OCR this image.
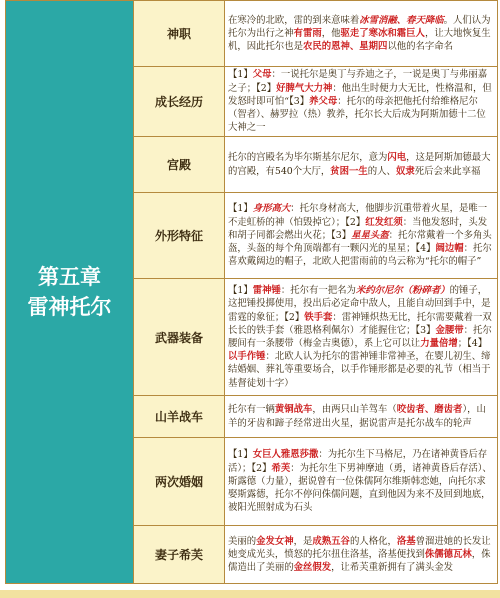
第五章
雷神托尔	神职	在寒冷的北欧，雷的到来意味着冰雪消融、春天降临。人们认为托尔为出行之神有雷雨，他驱走了寒冰和霜巨人，让大地恢复生机，因此托尔也是农民的恩神、星期四以他的名字命名
	成长经历	【1】父母：一说托尔是奥丁与乔迪之子，一说是奥丁与弗丽嘉之子；【2】好脾气大力神：他出生时便力大无比，性格温和，但发怒时即可怕“【3】养父母：托尔的母亲把他托付给维格尼尔（智者）、赫罗拉（热）教养，托尔长大后成为阿斯加德十二位大神之一
	宫殿	托尔的宫殿名为毕尔斯基尔尼尔，意为闪电，这是阿斯加德最大的宫殿，有540个大厅，贫困一生的人、奴隶死后会来此享福
	外形特征	【1】身形高大：托尔身材高大，他脚步沉重带着火星，是唯一不走虹桥的神（怕毁掉它）；【2】红发红须：当他发怒时，头发和胡子同都会燃出火花；【3】星星头盔：托尔常戴着一个多角头盔，头盔的每个角顶端都有一颗闪光的星星；【4】阔边帽：托尔喜欢戴阔边的帽子，北欧人把雷雨前的乌云称为“托尔的帽子”
	武器装备	【1】雷神锤：托尔有一把名为米约尔尼尔（粉碎者）的锤子，这把锤投掷使用，投出后必定命中敌人，且能自动回到手中，是雷霆的象征；【2】铁手套：雷神锤炽热无比，托尔需要戴着一双长长的铁手套（雅恩格利佩尔）才能握住它；【3】金腰带：托尔腰间有一条腰带（梅金吉奥德），系上它可以让力量倍增；【4】以手作锤：北欧人认为托尔的雷神锤非常神圣，在婴儿初生、缔结婚姻、葬礼等重要场合，以手作锤形都是必要的礼节（相当于基督徒划十字）
	山羊战车	托尔有一辆黄铜战车，由两只山羊驾车（咬齿者、磨齿者），山羊的牙齿和蹄子经常迸出火星，据说雷声是托尔战车的轮声
	两次婚姻	【1】女巨人雅恩莎撒：为托尔生下马格尼，乃在诸神黄昏后存活）；【2】希芙：为托尔生下男神摩迪（勇，诸神黄昏后存活）、斯露德（力量），据说曾有一位侏儒阿尔维斯韩恋她，向托尔求娶斯露德，托尔不停问侏儒问题，直到他因为来不及回到地底，被阳光照射成为石头
	妻子希芙	美丽的金发女神，是成熟五谷的人格化，洛基曾溜进她的长发让她变成光头，愤怒的托尔扭住洛基，洛基便找到侏儒德瓦林，侏儒造出了美丽的金丝假发，让希芙重新拥有了满头金发
